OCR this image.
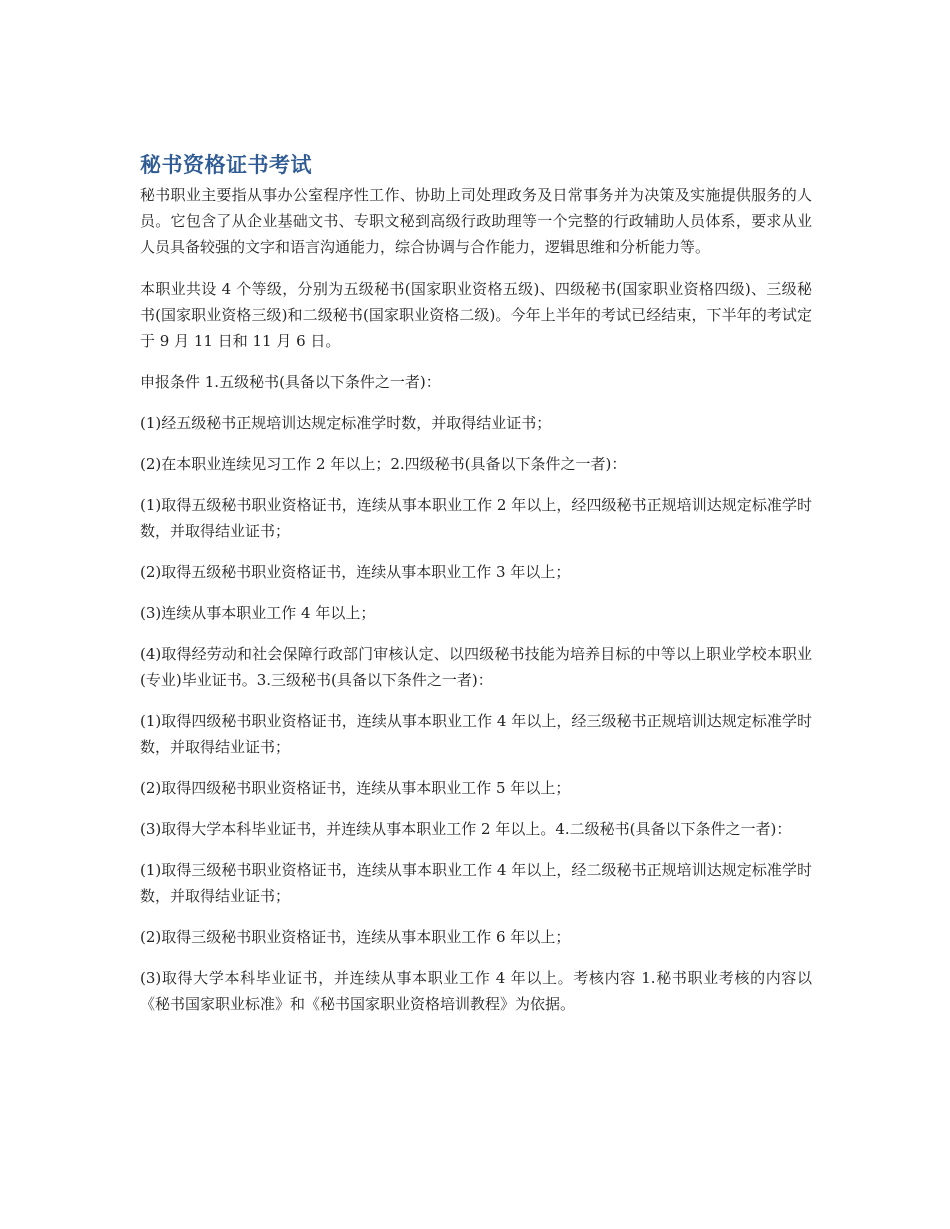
秘书资格证书考试

秘书职业主要指从事办公室程序性工作、协助上司处理政务及日常事务并为决策及实施提供服务的人员。它包含了从企业基础文书、专职文秘到高级行政助理等一个完整的行政辅助人员体系，要求从业人员具备较强的文字和语言沟通能力，综合协调与合作能力，逻辑思维和分析能力等。

本职业共设 4 个等级，分别为五级秘书(国家职业资格五级)、四级秘书(国家职业资格四级)、三级秘书(国家职业资格三级)和二级秘书(国家职业资格二级)。今年上半年的考试已经结束，下半年的考试定于 9 月 11 日和 11 月 6 日。

申报条件 1.五级秘书(具备以下条件之一者)：

(1)经五级秘书正规培训达规定标准学时数，并取得结业证书；

(2)在本职业连续见习工作 2 年以上；2.四级秘书(具备以下条件之一者)：

(1)取得五级秘书职业资格证书，连续从事本职业工作 2 年以上，经四级秘书正规培训达规定标准学时数，并取得结业证书；

(2)取得五级秘书职业资格证书，连续从事本职业工作 3 年以上；

(3)连续从事本职业工作 4 年以上；

(4)取得经劳动和社会保障行政部门审核认定、以四级秘书技能为培养目标的中等以上职业学校本职业(专业)毕业证书。3.三级秘书(具备以下条件之一者)：

(1)取得四级秘书职业资格证书，连续从事本职业工作 4 年以上，经三级秘书正规培训达规定标准学时数，并取得结业证书；

(2)取得四级秘书职业资格证书，连续从事本职业工作 5 年以上；

(3)取得大学本科毕业证书，并连续从事本职业工作 2 年以上。4.二级秘书(具备以下条件之一者)：

(1)取得三级秘书职业资格证书，连续从事本职业工作 4 年以上，经二级秘书正规培训达规定标准学时数，并取得结业证书；

(2)取得三级秘书职业资格证书，连续从事本职业工作 6 年以上；

(3)取得大学本科毕业证书，并连续从事本职业工作 4 年以上。考核内容 1.秘书职业考核的内容以《秘书国家职业标准》和《秘书国家职业资格培训教程》为依据。
